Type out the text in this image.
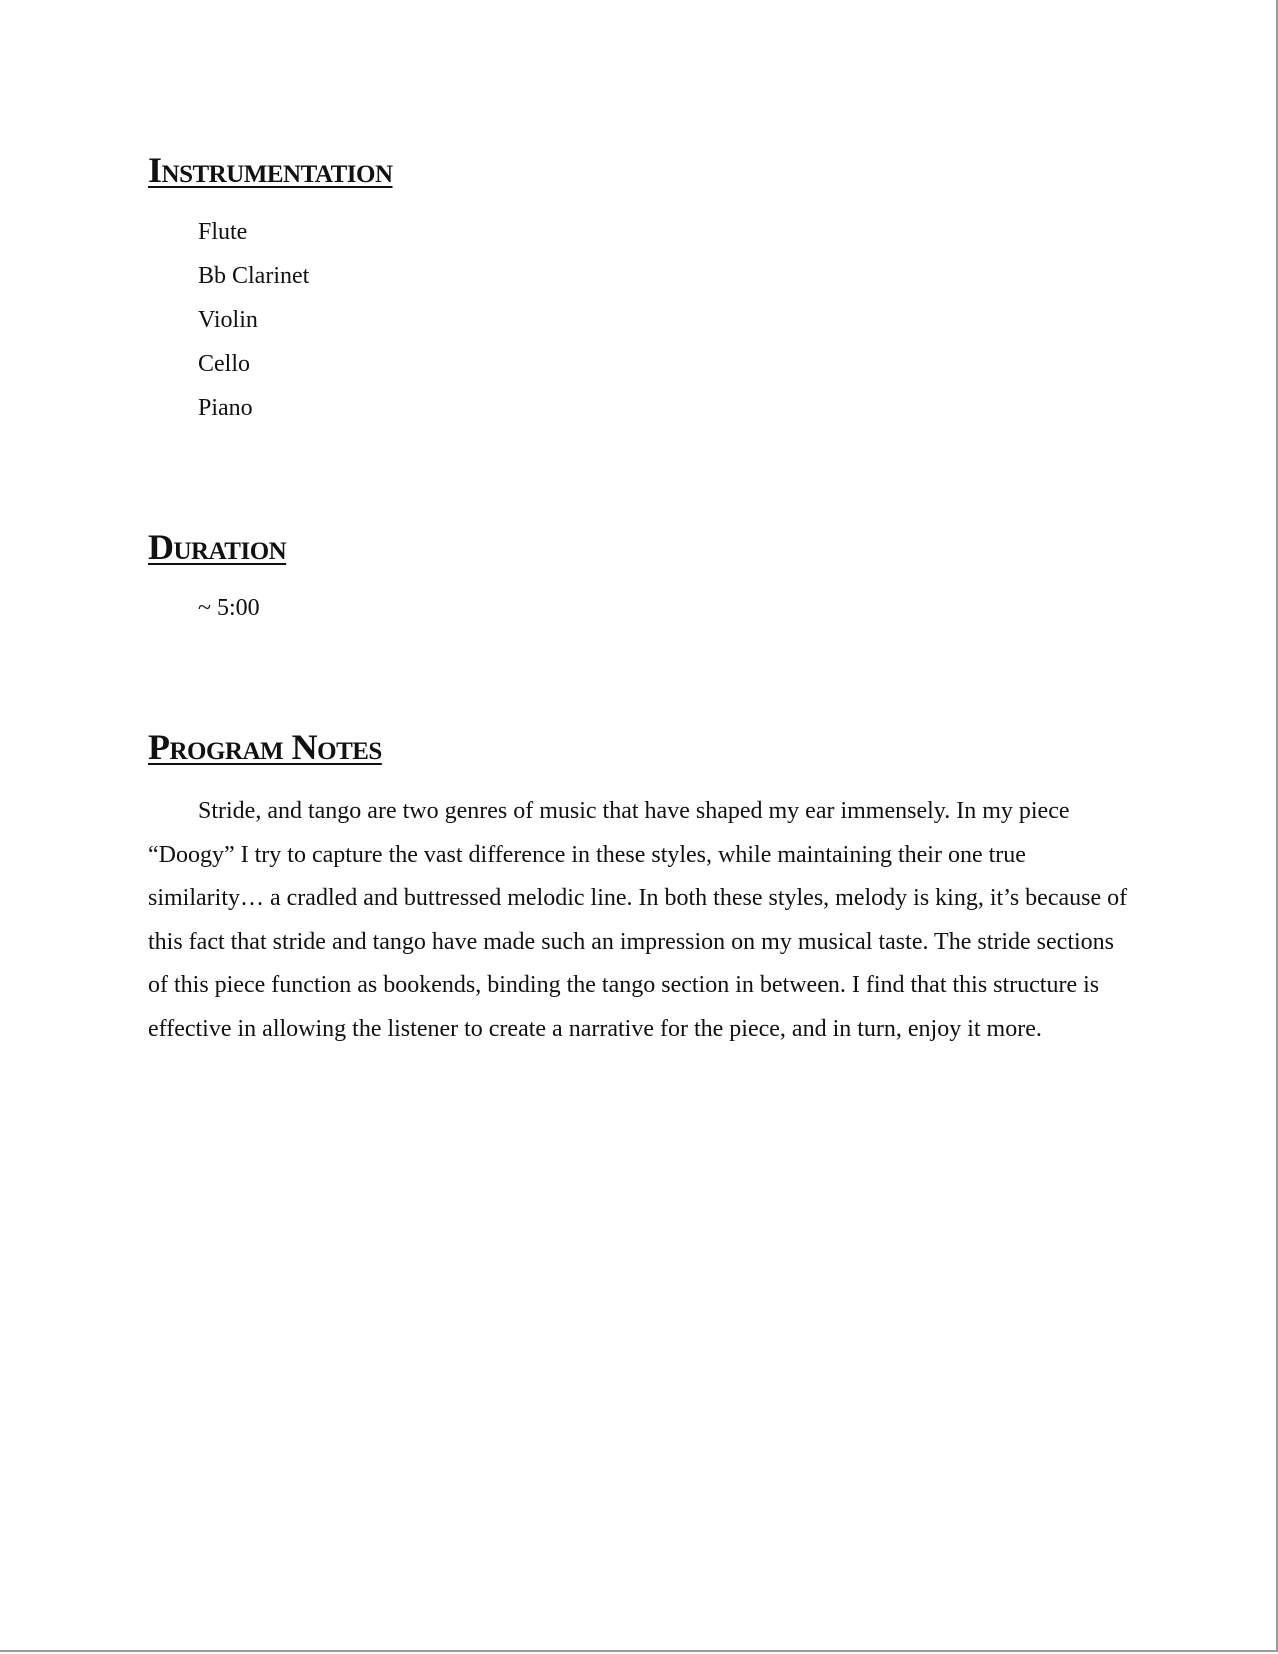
Instrumentation
Flute
Bb Clarinet
Violin
Cello
Piano
Duration

~ 5:00

Program Notes

Stride, and tango are two genres of music that have shaped my ear immensely. In my piece “Doogy” I try to capture the vast difference in these styles, while maintaining their one true similarity… a cradled and buttressed melodic line. In both these styles, melody is king, it’s because of this fact that stride and tango have made such an impression on my musical taste. The stride sections of this piece function as bookends, binding the tango section in between. I find that this structure is effective in allowing the listener to create a narrative for the piece, and in turn, enjoy it more.
